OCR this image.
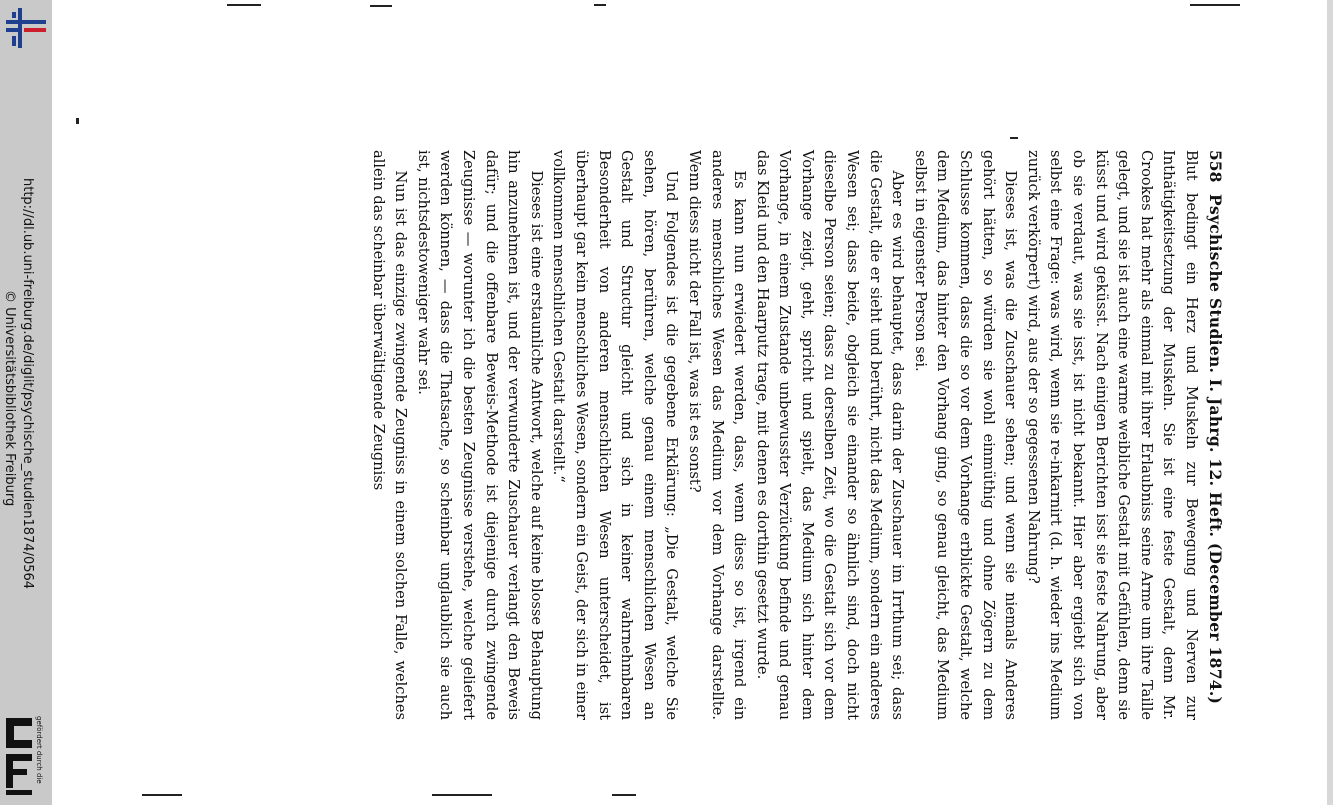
http://dl.ub.uni-freiburg.de/diglit/psychische_studien1874/0564
© Universitätsbibliothek Freiburg
gefördert durch die
558
Psychische Studien. I. Jahrg. 12. Heft. (December 1874.)

Blut bedingt ein Herz und Muskeln zur Bewegung und Nerven zur Inthätigkeitsetzung der Muskeln. Sie ist eine feste Gestalt, denn Mr. Crookes hat mehr als einmal mit ihrer Erlaubniss seine Arme um ihre Taille gelegt, und sie ist auch eine warme weibliche Gestalt mit Gefühlen, denn sie küsst und wird geküsst. Nach einigen Berichten isst sie feste Nahrung, aber ob sie verdaut, was sie isst, ist nicht bekannt. Hier aber ergiebt sich von selbst eine Frage: was wird, wenn sie re-inkarnirt (d. h. wieder ins Medium zurück verkörpert) wird, aus der so gegessenen Nahrung?

Dieses ist, was die Zuschauer sehen; und wenn sie niemals Anderes gehört hätten, so würden sie wohl einmüthig und ohne Zögern zu dem Schlusse kommen, dass die so vor dem Vorhange erblickte Gestalt, welche dem Medium, das hinter den Vorhang ging, so genau gleicht, das Medium selbst in eigenster Person sei.

Aber es wird behauptet, dass darin der Zuschauer im Irrthum sei; dass die Gestalt, die er sieht und berührt, nicht das Medium, sondern ein anderes Wesen sei; dass beide, obgleich sie einander so ähnlich sind, doch nicht dieselbe Person seien; dass zu derselben Zeit, wo die Gestalt sich vor dem Vorhange zeigt, geht, spricht und spielt, das Medium sich hinter dem Vorhange, in einem Zustande unbewusster Verzückung befinde und genau das Kleid und den Haarputz trage, mit denen es dorthin gesetzt wurde.

Es kann nun erwiedert werden, dass, wenn diess so ist, irgend ein anderes menschliches Wesen das Medium vor dem Vorhange darstellte. Wenn diess nicht der Fall ist, was ist es sonst?

Und Folgendes ist die gegebene Erklärung: „Die Gestalt, welche Sie sehen, hören, berühren, welche genau einem menschlichen Wesen an Gestalt und Structur gleicht und sich in keiner wahrnehmbaren Besonderheit von anderen menschlichen Wesen unterscheidet, ist überhaupt gar kein menschliches Wesen, sondern ein Geist, der sich in einer vollkommen menschlichen Gestalt darstellt.“

Dieses ist eine erstaunliche Antwort, welche auf keine blosse Behauptung hin anzunehmen ist, und der verwunderte Zuschauer verlangt den Beweis dafür; und die offenbare Beweis-Methode ist diejenige durch zwingende Zeugnisse — worunter ich die besten Zeugnisse verstehe, welche geliefert werden können, — dass die Thatsache, so scheinbar unglaublich sie auch ist, nichtsdestoweniger wahr sei.

Nun ist das einzige zwingende Zeugniss in einem solchen Falle, welches allein das scheinbar überwältigende Zeugniss
